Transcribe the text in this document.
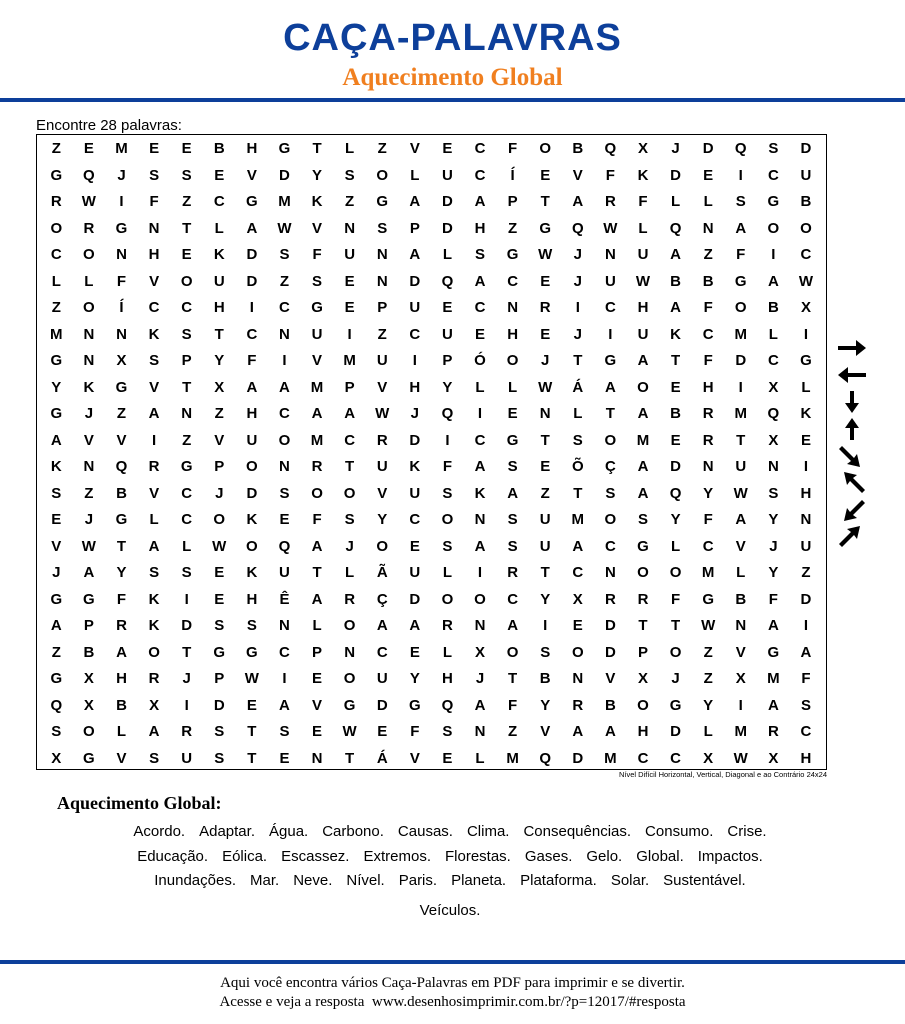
CAÇA-PALAVRAS
Aquecimento Global
Encontre 28 palavras:
Z	E	M	E	E	B	H	G	T	L	Z	V	E	C	F	O	B	Q	X	J	D	Q	S	D
G	Q	J	S	S	E	V	D	Y	S	O	L	U	C	Í	E	V	F	K	D	E	I	C	U
R	W	I	F	Z	C	G	M	K	Z	G	A	D	A	P	T	A	R	F	L	L	S	G	B
O	R	G	N	T	L	A	W	V	N	S	P	D	H	Z	G	Q	W	L	Q	N	A	O	O
C	O	N	H	E	K	D	S	F	U	N	A	L	S	G	W	J	N	U	A	Z	F	I	C
L	L	F	V	O	U	D	Z	S	E	N	D	Q	A	C	E	J	U	W	B	B	G	A	W
Z	O	Í	C	C	H	I	C	G	E	P	U	E	C	N	R	I	C	H	A	F	O	B	X
M	N	N	K	S	T	C	N	U	I	Z	C	U	E	H	E	J	I	U	K	C	M	L	I
G	N	X	S	P	Y	F	I	V	M	U	I	P	Ó	O	J	T	G	A	T	F	D	C	G
Y	K	G	V	T	X	A	A	M	P	V	H	Y	L	L	W	Á	A	O	E	H	I	X	L
G	J	Z	A	N	Z	H	C	A	A	W	J	Q	I	E	N	L	T	A	B	R	M	Q	K
A	V	V	I	Z	V	U	O	M	C	R	D	I	C	G	T	S	O	M	E	R	T	X	E
K	N	Q	R	G	P	O	N	R	T	U	K	F	A	S	E	Õ	Ç	A	D	N	U	N	I
S	Z	B	V	C	J	D	S	O	O	V	U	S	K	A	Z	T	S	A	Q	Y	W	S	H
E	J	G	L	C	O	K	E	F	S	Y	C	O	N	S	U	M	O	S	Y	F	A	Y	N
V	W	T	A	L	W	O	Q	A	J	O	E	S	A	S	U	A	C	G	L	C	V	J	U
J	A	Y	S	S	E	K	U	T	L	Ã	U	L	I	R	T	C	N	O	O	M	L	Y	Z
G	G	F	K	I	E	H	Ê	A	R	Ç	D	O	O	C	Y	X	R	R	F	G	B	F	D
A	P	R	K	D	S	S	N	L	O	A	A	R	N	A	I	E	D	T	T	W	N	A	I
Z	B	A	O	T	G	G	C	P	N	C	E	L	X	O	S	O	D	P	O	Z	V	G	A
G	X	H	R	J	P	W	I	E	O	U	Y	H	J	T	B	N	V	X	J	Z	X	M	F
Q	X	B	X	I	D	E	A	V	G	D	G	Q	A	F	Y	R	B	O	G	Y	I	A	S
S	O	L	A	R	S	T	S	E	W	E	F	S	N	Z	V	A	A	H	D	L	M	R	C
X	G	V	S	U	S	T	E	N	T	Á	V	E	L	M	Q	D	M	C	C	X	W	X	H
Nível Difícil Horizontal, Vertical, Diagonal e ao Contrário 24x24
Aquecimento Global:
Acordo. Adaptar. Água. Carbono. Causas. Clima. Consequências. Consumo. Crise.
Educação. Eólica. Escassez. Extremos. Florestas. Gases. Gelo. Global. Impactos.
Inundações. Mar. Neve. Nível. Paris. Planeta. Plataforma. Solar. Sustentável.
Veículos.
Aqui você encontra vários Caça-Palavras em PDF para imprimir e se divertir.
Acesse e veja a resposta  www.desenhosimprimir.com.br/?p=12017/#resposta
